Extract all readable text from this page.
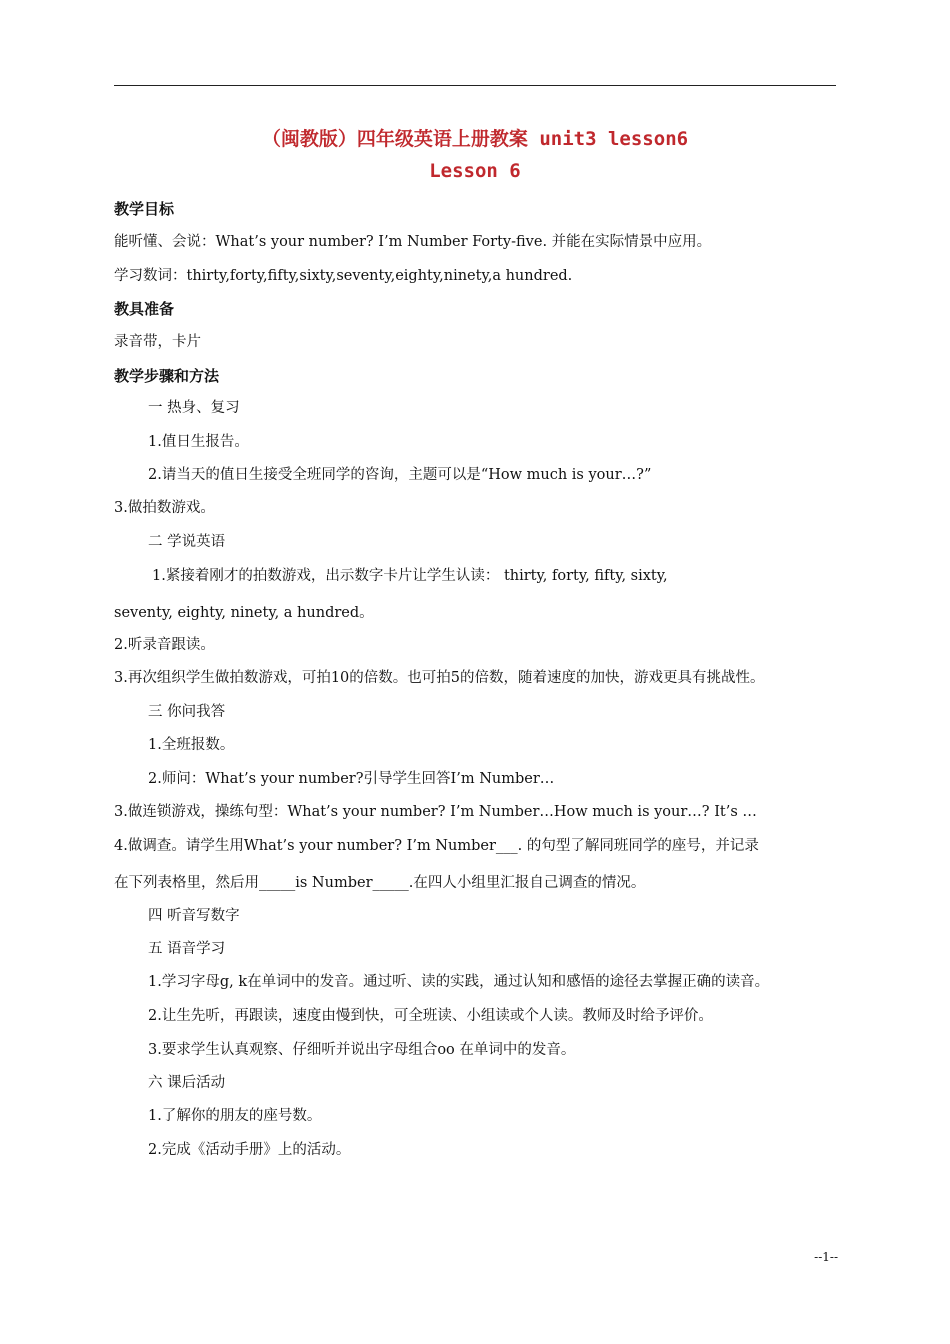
（闽教版）四年级英语上册教案 unit3 lesson6
Lesson 6
教学目标
能听懂、会说：What’s your number? I’m Number Forty-five. 并能在实际情景中应用。
学习数词：thirty,forty,fifty,sixty,seventy,eighty,ninety,a hundred.
教具准备
录音带，卡片
教学步骤和方法
一 热身、复习
1.值日生报告。
2.请当天的值日生接受全班同学的咨询，主题可以是“How much is your…?”
3.做拍数游戏。
二 学说英语
1.紧接着刚才的拍数游戏，出示数字卡片让学生认读： thirty, forty, fifty, sixty,
seventy, eighty, ninety, a hundred。
2.听录音跟读。
3.再次组织学生做拍数游戏，可拍10的倍数。也可拍5的倍数，随着速度的加快，游戏更具有挑战性。
三 你问我答
1.全班报数。
2.师问：What’s your number?引导学生回答I’m Number…
3.做连锁游戏，操练句型：What’s your number? I’m Number…How much is your…? It’s …
4.做调查。请学生用What’s your number? I’m Number___. 的句型了解同班同学的座号，并记录
在下列表格里，然后用_____is Number_____.在四人小组里汇报自己调查的情况。
四 听音写数字
五 语音学习
1.学习字母g, k在单词中的发音。通过听、读的实践，通过认知和感悟的途径去掌握正确的读音。
2.让生先听，再跟读，速度由慢到快，可全班读、小组读或个人读。教师及时给予评价。
3.要求学生认真观察、仔细听并说出字母组合oo 在单词中的发音。
六 课后活动
1.了解你的朋友的座号数。
2.完成《活动手册》上的活动。
--1--
